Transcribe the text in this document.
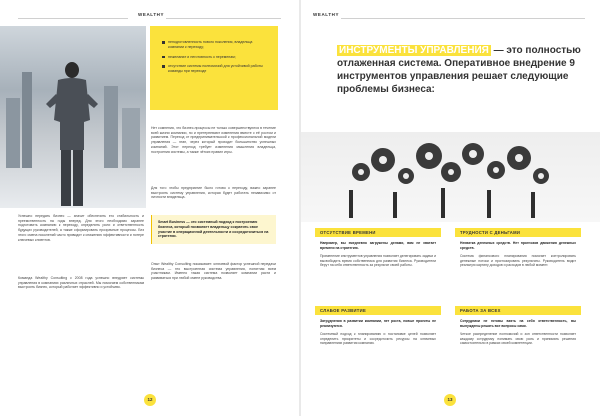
WEALTHY
неподготовленность нового поколения, владельца компании к переходу;
нежелание и неготовность к переменам;
отсутствие системы полномочий для устойчивой работы команды при переходе
Нет сомнения, что бизнес-процессы не только совершенствуются в течение всей жизни компании, но и претерпевают изменения вместе с её ростом и развитием. Переход от предпринимательской к профессиональной модели управления — этап, через который проходит большинство успешных компаний. Этот переход требует изменения мышления владельца, построения системы, а также чётких правил игры.
Для того чтобы предприятие было готово к переходу, важно заранее выстроить систему управления, которая будет работать независимо от личности владельца.
Smart Business — это системный подход к построению бизнеса, который позволяет владельцу сократить свое участие в операционной деятельности и сосредоточиться на стратегии.
Опыт Wealthy Consulting показывает: ключевой фактор успешной передачи бизнеса — это выстроенная система управления, понятная всем участникам. Именно такая система позволяет компании расти и развиваться при любой смене руководства.
Успешно передать бизнес — значит обеспечить его стабильность и преемственность на годы вперед. Для этого необходимо заранее подготовить компанию к переходу, определить роли и ответственность будущих руководителей, а также сформировать прозрачные процессы. Без этого смена поколений часто приводит к снижению эффективности и потере ключевых клиентов.
Команда Wealthy Consulting с 2008 года успешно внедряет системы управления в компаниях различных отраслей. Мы помогаем собственникам выстроить бизнес, который работает эффективно и устойчиво.
12
WEALTHY
ИНСТРУМЕНТЫ УПРАВЛЕНИЯ — это полностью отлаженная система. Оперативное внедрение 9 инструментов управления решает следующие проблемы бизнеса:
ОТСУТСТВИЕ ВРЕМЕНИ
Например, вы ежедневно загружены делами, вам не хватает времени на стратегию.
Применение инструментов управления позволяет делегировать задачи и высвободить время собственника для развития бизнеса. Руководители берут на себя ответственность за результат своей работы.
ТРУДНОСТИ С ДЕНЬГАМИ
Нехватка денежных средств. Нет прогнозов движения денежных средств.
Система финансового планирования помогает контролировать денежные потоки и прогнозировать результаты. Руководитель видит реальную картину доходов и расходов в любой момент.
СЛАБОЕ РАЗВИТИЕ
Затруднения в развитии компании, нет роста, новые проекты не реализуются.
Системный подход к планированию и постановке целей позволяет определить приоритеты и сосредоточить ресурсы на ключевых направлениях развития компании.
РАБОТА ЗА ВСЕХ
Сотрудники не готовы взять на себя ответственность, вы вынуждены решать все вопросы сами.
Четкое распределение полномочий и зон ответственности позволяет каждому сотруднику понимать свою роль и принимать решения самостоятельно в рамках своей компетенции.
13
